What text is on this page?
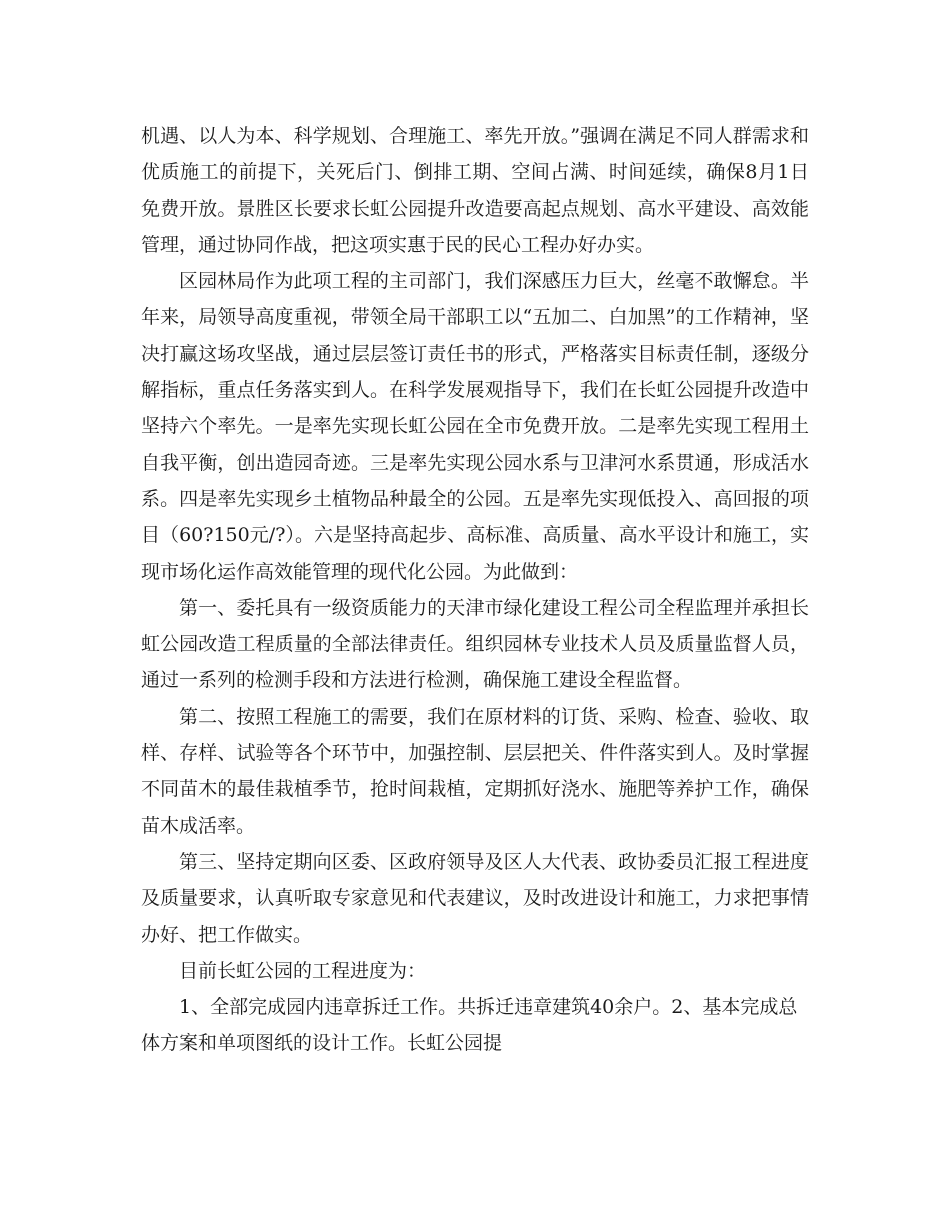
机遇、以人为本、科学规划、合理施工、率先开放。”强调在满足不同人群需求和优质施工的前提下，关死后门、倒排工期、空间占满、时间延续，确保8月1日免费开放。景胜区长要求长虹公园提升改造要高起点规划、高水平建设、高效能管理，通过协同作战，把这项实惠于民的民心工程办好办实。

区园林局作为此项工程的主司部门，我们深感压力巨大，丝毫不敢懈怠。半年来，局领导高度重视，带领全局干部职工以“五加二、白加黑”的工作精神，坚决打赢这场攻坚战，通过层层签订责任书的形式，严格落实目标责任制，逐级分解指标，重点任务落实到人。在科学发展观指导下，我们在长虹公园提升改造中坚持六个率先。一是率先实现长虹公园在全市免费开放。二是率先实现工程用土自我平衡，创出造园奇迹。三是率先实现公园水系与卫津河水系贯通，形成活水系。四是率先实现乡土植物品种最全的公园。五是率先实现低投入、高回报的项目（60?150元/?）。六是坚持高起步、高标准、高质量、高水平设计和施工，实现市场化运作高效能管理的现代化公园。为此做到：

第一、委托具有一级资质能力的天津市绿化建设工程公司全程监理并承担长虹公园改造工程质量的全部法律责任。组织园林专业技术人员及质量监督人员，通过一系列的检测手段和方法进行检测，确保施工建设全程监督。

第二、按照工程施工的需要，我们在原材料的订货、采购、检查、验收、取样、存样、试验等各个环节中，加强控制、层层把关、件件落实到人。及时掌握不同苗木的最佳栽植季节，抢时间栽植，定期抓好浇水、施肥等养护工作，确保苗木成活率。

第三、坚持定期向区委、区政府领导及区人大代表、政协委员汇报工程进度及质量要求，认真听取专家意见和代表建议，及时改进设计和施工，力求把事情办好、把工作做实。

目前长虹公园的工程进度为：

1、全部完成园内违章拆迁工作。共拆迁违章建筑40余户。2、基本完成总体方案和单项图纸的设计工作。长虹公园提
